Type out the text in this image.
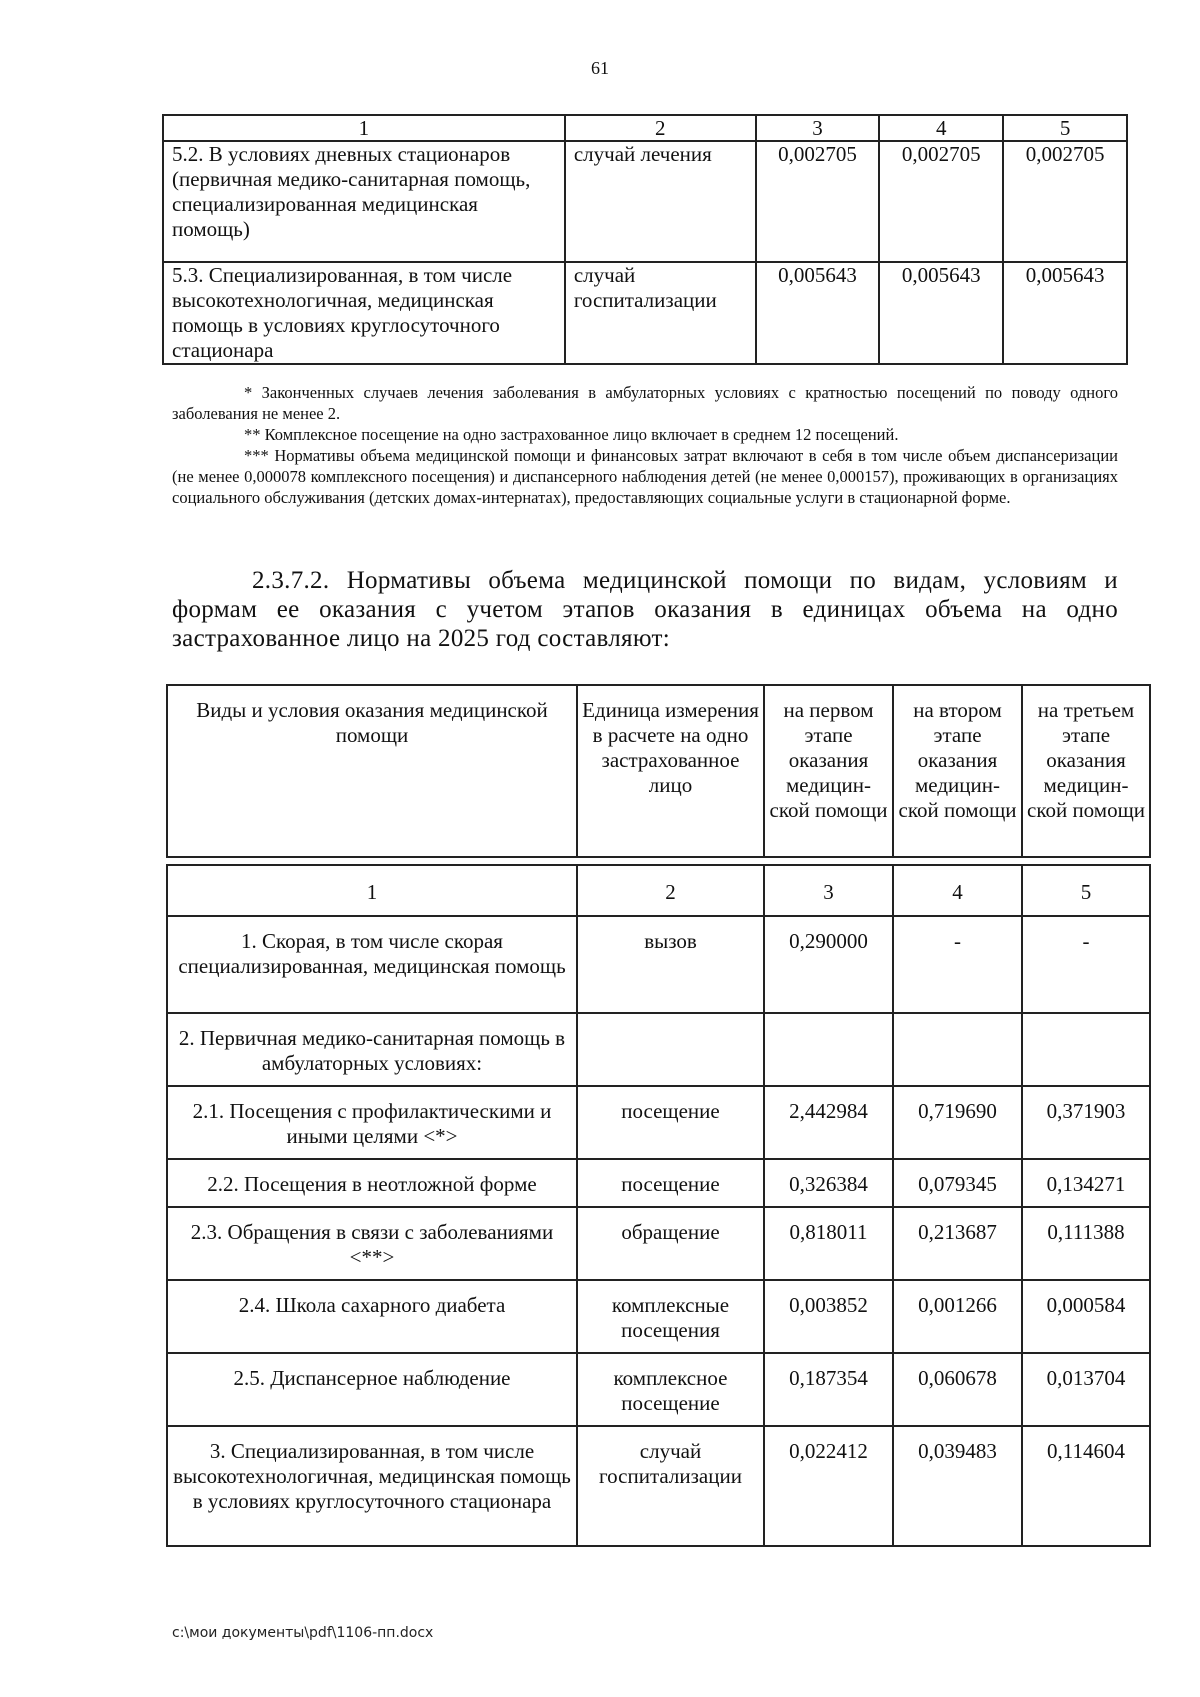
61
1	2	3	4	5
5.2. В условиях дневных стационаров (первичная медико-санитарная помощь, специализированная медицинская помощь)	случай лечения	0,002705	0,002705	0,002705
5.3. Специализированная, в том числе высокотехнологичная, медицинская помощь в условиях круглосуточного стационара	случай госпитализации	0,005643	0,005643	0,005643

* Законченных случаев лечения заболевания в амбулаторных условиях с кратностью посещений по поводу одного заболевания не менее 2.

** Комплексное посещение на одно застрахованное лицо включает в среднем 12 посещений.

*** Нормативы объема медицинской помощи и финансовых затрат включают в себя в том числе объем диспансеризации (не менее 0,000078 комплексного посещения) и диспансерного наблюдения детей (не менее 0,000157), проживающих в организациях социального обслуживания (детских домах-интернатах), предоставляющих социальные услуги в стационарной форме.

2.3.7.2. Нормативы объема медицинской помощи по видам, условиям и формам ее оказания с учетом этапов оказания в единицах объема на одно застрахованное лицо на 2025 год составляют:
Виды и условия оказания медицинской помощи	Единица измерения в расчете на одно застрахованное лицо	на первом этапе оказания медицин-ской помощи	на втором этапе оказания медицин-ской помощи	на третьем этапе оказания медицин-ской помощи

1	2	3	4	5
1. Скорая, в том числе скорая специализированная, медицинская помощь	вызов	0,290000	-	-
2. Первичная медико-санитарная помощь в амбулаторных условиях:				
2.1. Посещения с профилактическими и иными целями <*>	посещение	2,442984	0,719690	0,371903
2.2. Посещения в неотложной форме	посещение	0,326384	0,079345	0,134271
2.3. Обращения в связи с заболеваниями <**>	обращение	0,818011	0,213687	0,111388
2.4. Школа сахарного диабета	комплексные посещения	0,003852	0,001266	0,000584
2.5. Диспансерное наблюдение	комплексное посещение	0,187354	0,060678	0,013704
3. Специализированная, в том числе высокотехнологичная, медицинская помощь в условиях круглосуточного стационара	случай госпитализации	0,022412	0,039483	0,114604
c:\мои документы\pdf\1106-пп.docx
